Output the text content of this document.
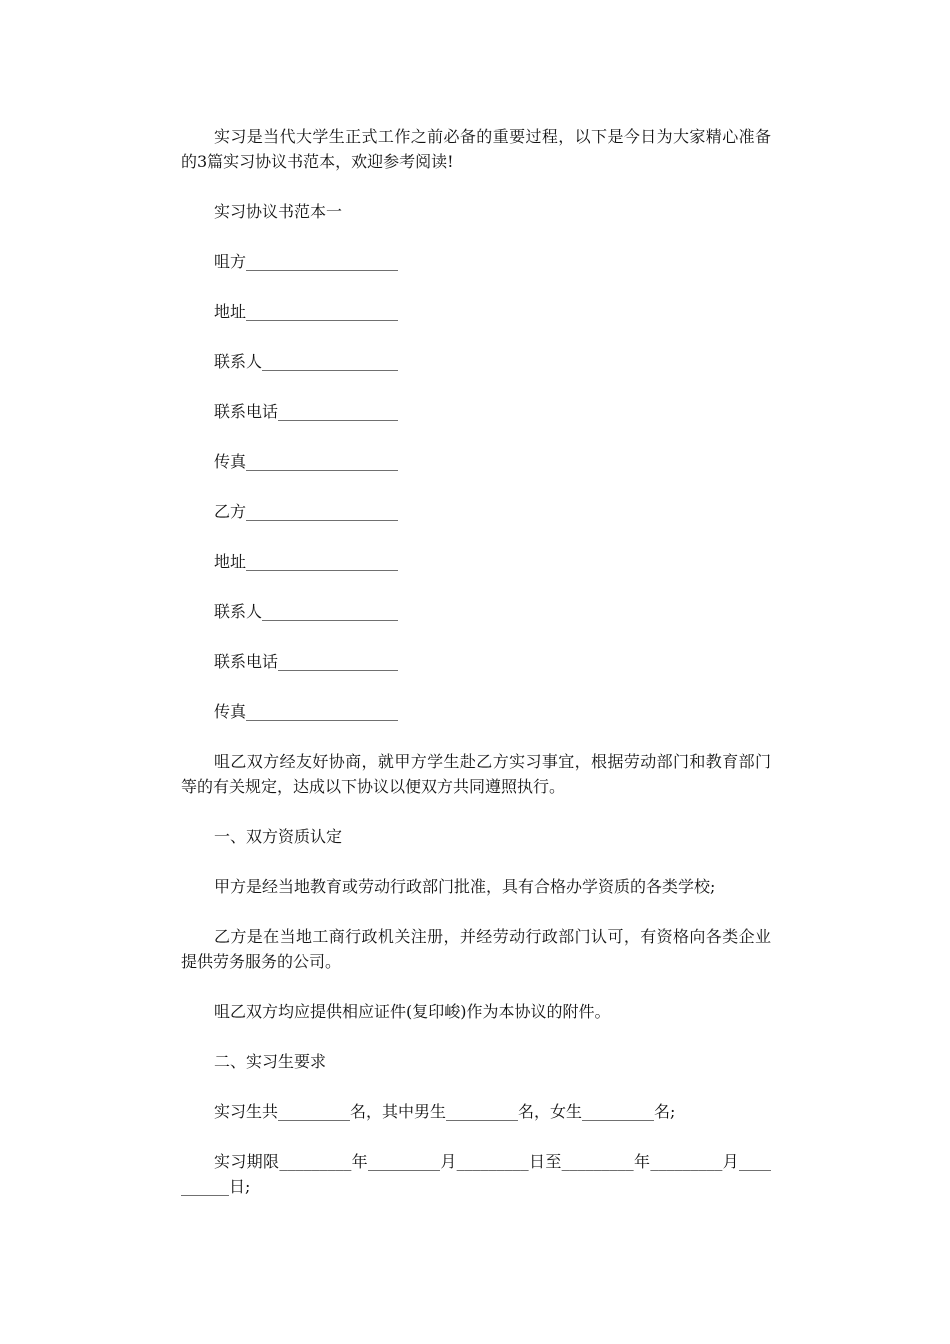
实习是当代大学生正式工作之前必备的重要过程，以下是今日为大家精心准备的3篇实习协议书范本，欢迎参考阅读!

实习协议书范本一

咀方___________________

地址___________________

联系人_________________

联系电话_______________

传真___________________

乙方___________________

地址___________________

联系人_________________

联系电话_______________

传真___________________

咀乙双方经友好协商，就甲方学生赴乙方实习事宜，根据劳动部门和教育部门等的有关规定，达成以下协议以便双方共同遵照执行。

一、双方资质认定

甲方是经当地教育或劳动行政部门批准，具有合格办学资质的各类学校;

乙方是在当地工商行政机关注册，并经劳动行政部门认可，有资格向各类企业提供劳务服务的公司。

咀乙双方均应提供相应证件(复印峻)作为本协议的附件。

二、实习生要求

实习生共_________名，其中男生_________名，女生_________名;

实习期限_________年_________月_________日至_________年_________月__________日;
